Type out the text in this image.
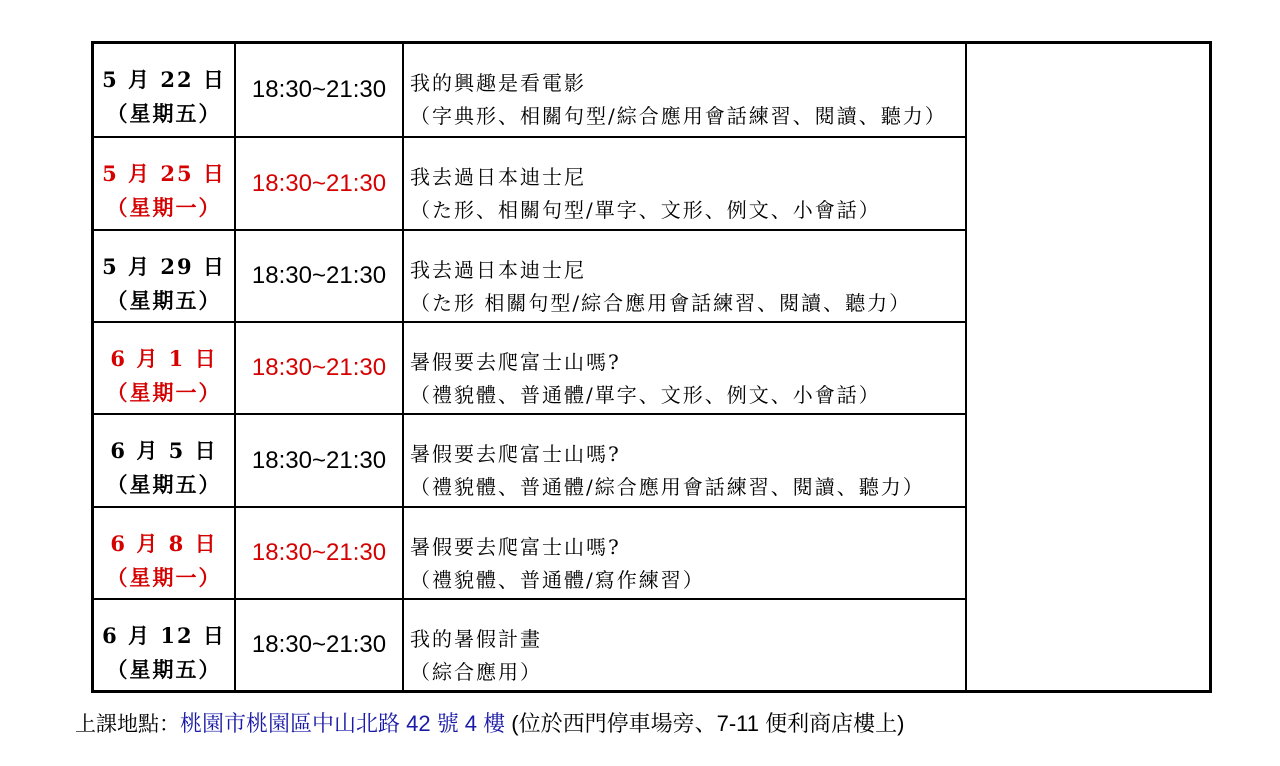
5 月 22 日
（星期五）
18:30~21:30 我的興趣是看電影
（字典形、相關句型/綜合應用會話練習、閱讀、聽力）
5 月 25 日
（星期一）
18:30~21:30 我去過日本迪士尼
（た形、相關句型/單字、文形、例文、小會話）
5 月 29 日
（星期五）
18:30~21:30 我去過日本迪士尼
（た形 相關句型/綜合應用會話練習、閱讀、聽力）
6 月 1 日
（星期一）
18:30~21:30 暑假要去爬富士山嗎?
（禮貌體、普通體/單字、文形、例文、小會話）
6 月 5 日
（星期五）
18:30~21:30 暑假要去爬富士山嗎?
（禮貌體、普通體/綜合應用會話練習、閱讀、聽力）
6 月 8 日
（星期一）
18:30~21:30 暑假要去爬富士山嗎?
（禮貌體、普通體/寫作練習）
6 月 12 日
（星期五）
18:30~21:30 我的暑假計畫
（綜合應用）
上課地點：桃園市桃園區中山北路 42 號 4 樓 (位於西門停車場旁、7-11 便利商店樓上)
